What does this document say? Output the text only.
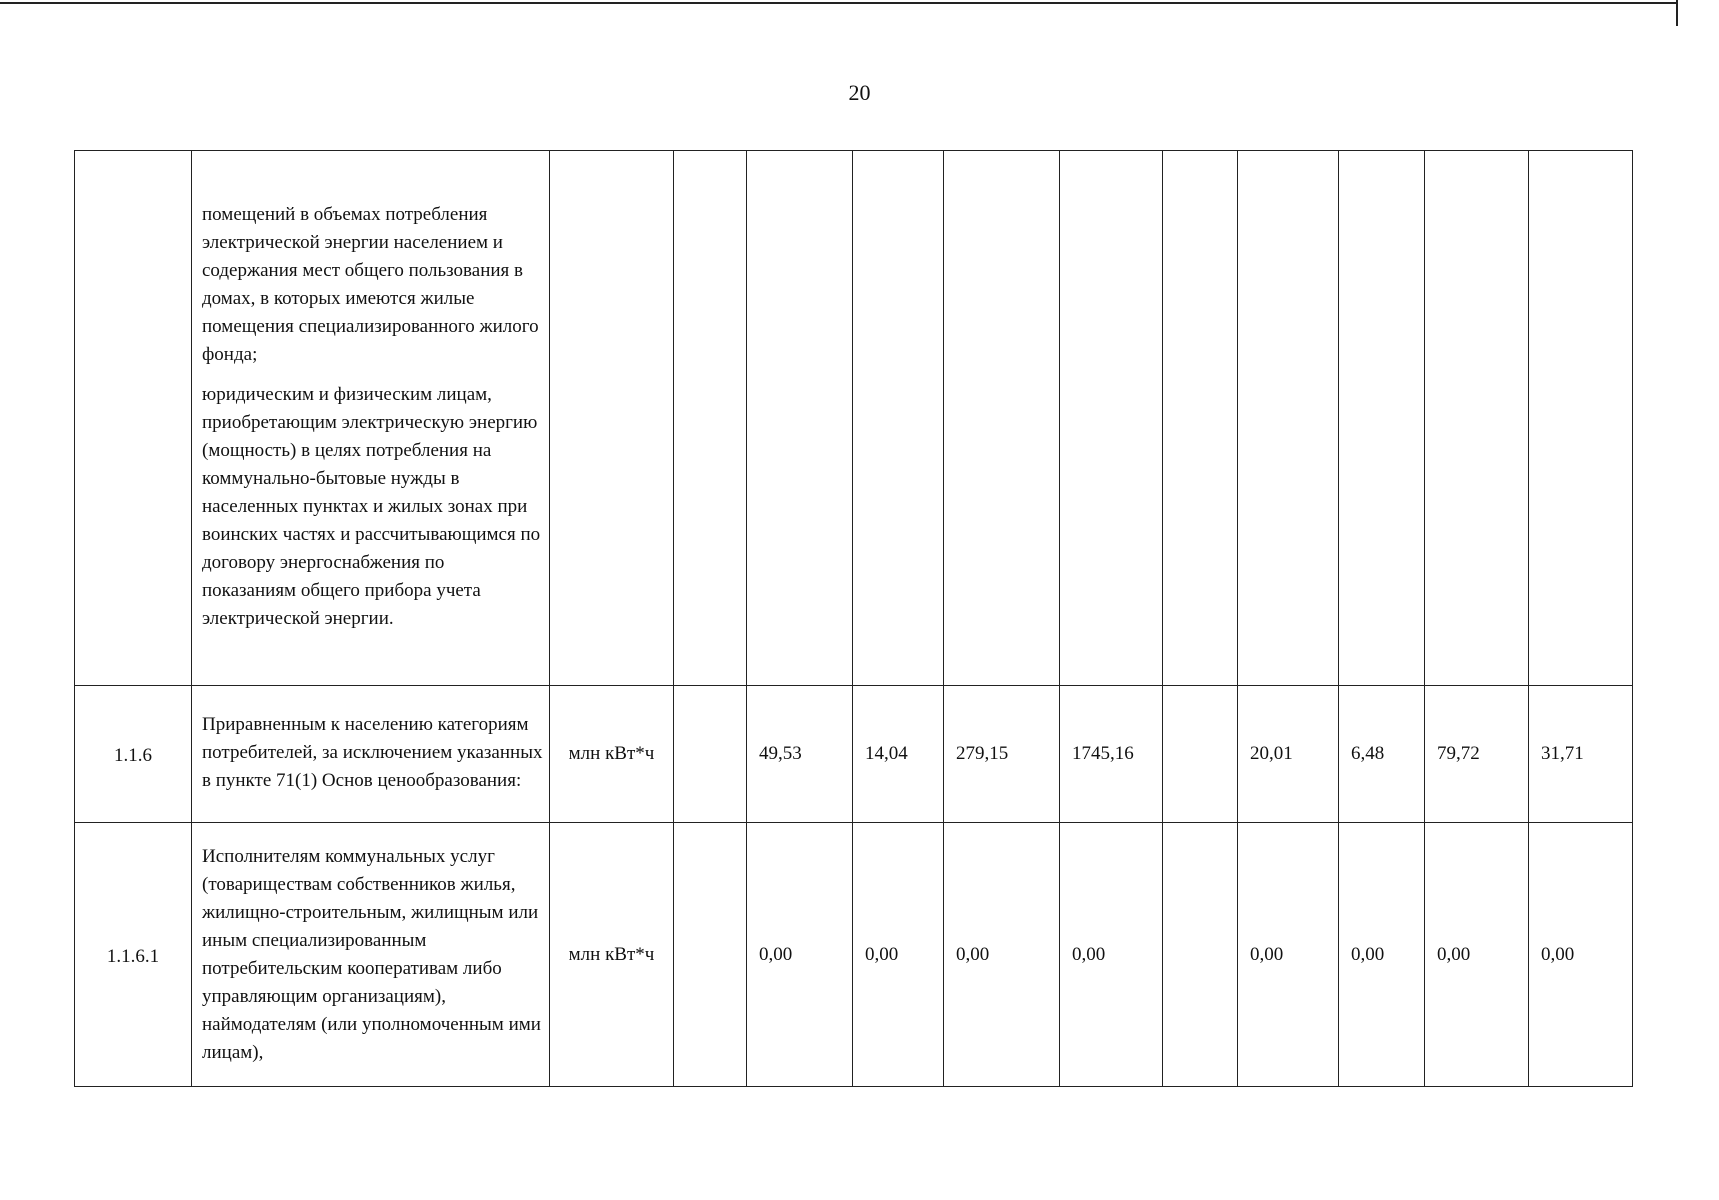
20

	помещений в объемах потребления электрической энергии населением и содержания мест общего пользования в домах, в которых имеются жилые помещения специализированного жилого фонда;
юридическим и физическим лицам, приобретающим электрическую энергию (мощность) в целях потребления на коммунально-бытовые нужды в населенных пунктах и жилых зонах при воинских частях и рассчитывающимся по договору энергоснабжения по показаниям общего прибора учета электрической энергии.											

1.1.6	Приравненным к населению категориям потребителей, за исключением указанных в пункте 71(1) Основ ценообразования:	млн кВт*ч		49,53	14,04	279,15	1745,16		20,01	6,48	79,72	31,71
1.1.6.1	Исполнителям коммунальных услуг (товариществам собственников жилья, жилищно-строительным, жилищным или иным специализированным потребительским кооперативам либо управляющим организациям), наймодателям (или уполномоченным ими лицам),	млн кВт*ч		0,00	0,00	0,00	0,00		0,00	0,00	0,00	0,00
